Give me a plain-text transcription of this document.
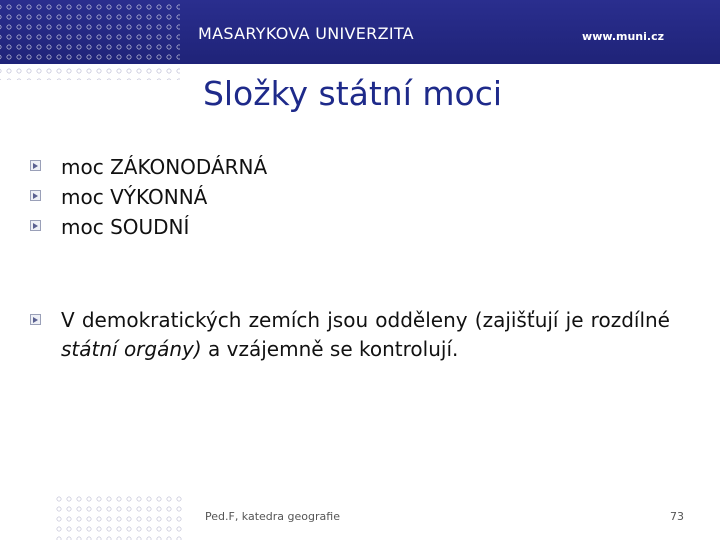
MASARYKOVA UNIVERZITA	www.muni.cz
Složky státní moci
moc ZÁKONODÁRNÁ
moc VÝKONNÁ
moc SOUDNÍ
V demokratických zemích jsou odděleny (zajišťují je rozdílné státní orgány) a vzájemně se kontrolují.
Ped.F, katedra geografie	73
